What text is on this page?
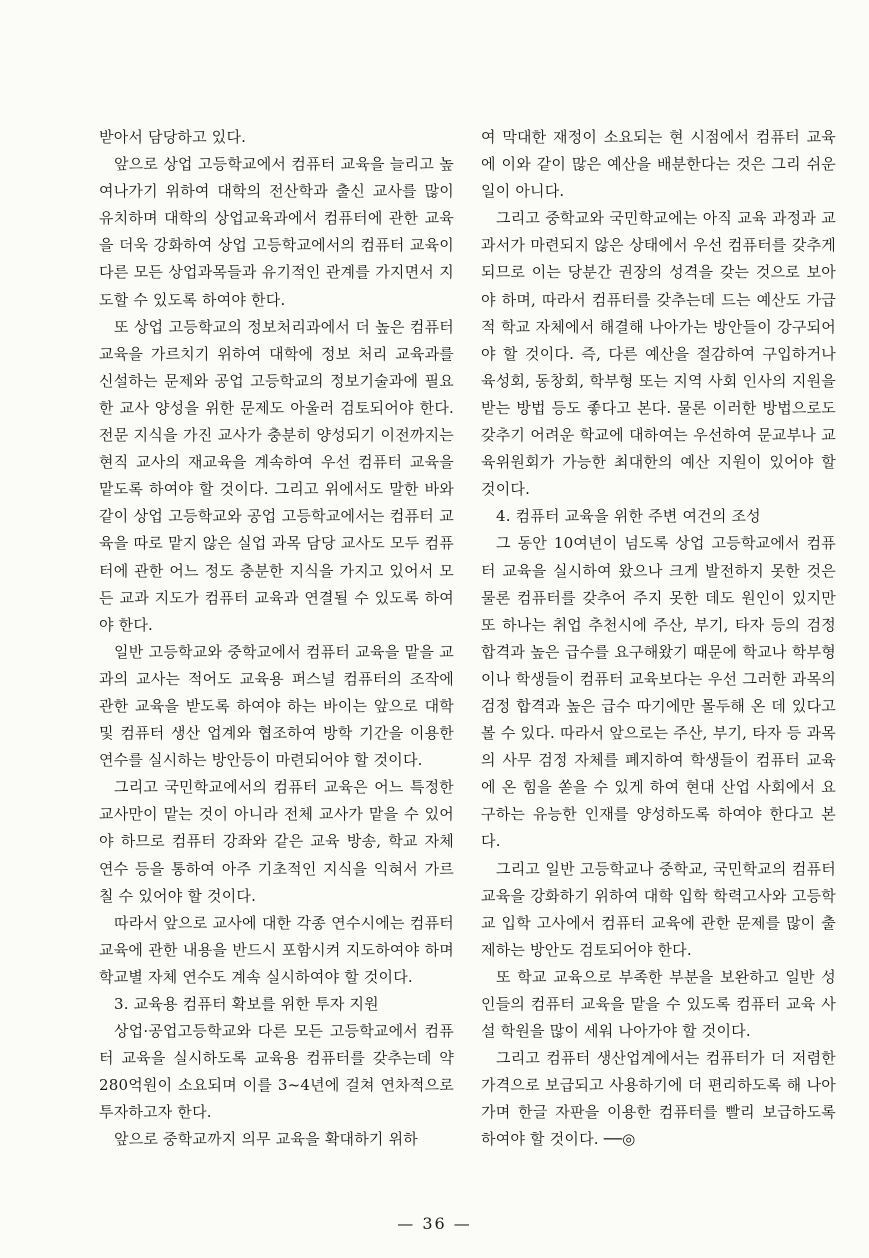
받아서 담당하고 있다.

앞으로 상업 고등학교에서 컴퓨터 교육을 늘리고 높여나가기 위하여 대학의 전산학과 출신 교사를 많이 유치하며 대학의 상업교육과에서 컴퓨터에 관한 교육을 더욱 강화하여 상업 고등학교에서의 컴퓨터 교육이 다른 모든 상업과목들과 유기적인 관계를 가지면서 지도할 수 있도록 하여야 한다.

또 상업 고등학교의 정보처리과에서 더 높은 컴퓨터 교육을 가르치기 위하여 대학에 정보 처리 교육과를 신설하는 문제와 공업 고등학교의 정보기술과에 필요한 교사 양성을 위한 문제도 아울러 검토되어야 한다. 전문 지식을 가진 교사가 충분히 양성되기 이전까지는 현직 교사의 재교육을 계속하여 우선 컴퓨터 교육을 맡도록 하여야 할 것이다. 그리고 위에서도 말한 바와 같이 상업 고등학교와 공업 고등학교에서는 컴퓨터 교육을 따로 맡지 않은 실업 과목 담당 교사도 모두 컴퓨터에 관한 어느 정도 충분한 지식을 가지고 있어서 모든 교과 지도가 컴퓨터 교육과 연결될 수 있도록 하여야 한다.

일반 고등학교와 중학교에서 컴퓨터 교육을 맡을 교과의 교사는 적어도 교육용 퍼스널 컴퓨터의 조작에 관한 교육을 받도록 하여야 하는 바이는 앞으로 대학 및 컴퓨터 생산 업계와 협조하여 방학 기간을 이용한 연수를 실시하는 방안등이 마련되어야 할 것이다.

그리고 국민학교에서의 컴퓨터 교육은 어느 특정한 교사만이 맡는 것이 아니라 전체 교사가 맡을 수 있어야 하므로 컴퓨터 강좌와 같은 교육 방송, 학교 자체 연수 등을 통하여 아주 기초적인 지식을 익혀서 가르칠 수 있어야 할 것이다.

따라서 앞으로 교사에 대한 각종 연수시에는 컴퓨터 교육에 관한 내용을 반드시 포함시켜 지도하여야 하며 학교별 자체 연수도 계속 실시하여야 할 것이다.

3. 교육용 컴퓨터 확보를 위한 투자 지원

상업·공업고등학교와 다른 모든 고등학교에서 컴퓨터 교육을 실시하도록 교육용 컴퓨터를 갖추는데 약 280억원이 소요되며 이를 3~4년에 걸쳐 연차적으로 투자하고자 한다.

앞으로 중학교까지 의무 교육을 확대하기 위하

여 막대한 재정이 소요되는 현 시점에서 컴퓨터 교육에 이와 같이 많은 예산을 배분한다는 것은 그리 쉬운 일이 아니다.

그리고 중학교와 국민학교에는 아직 교육 과정과 교과서가 마련되지 않은 상태에서 우선 컴퓨터를 갖추게 되므로 이는 당분간 권장의 성격을 갖는 것으로 보아야 하며, 따라서 컴퓨터를 갖추는데 드는 예산도 가급적 학교 자체에서 해결해 나아가는 방안들이 강구되어야 할 것이다. 즉, 다른 예산을 절감하여 구입하거나 육성회, 동창회, 학부형 또는 지역 사회 인사의 지원을 받는 방법 등도 좋다고 본다. 물론 이러한 방법으로도 갖추기 어려운 학교에 대하여는 우선하여 문교부나 교육위원회가 가능한 최대한의 예산 지원이 있어야 할 것이다.

4. 컴퓨터 교육을 위한 주변 여건의 조성

그 동안 10여년이 넘도록 상업 고등학교에서 컴퓨터 교육을 실시하여 왔으나 크게 발전하지 못한 것은 물론 컴퓨터를 갖추어 주지 못한 데도 원인이 있지만 또 하나는 취업 추천시에 주산, 부기, 타자 등의 검정 합격과 높은 급수를 요구해왔기 때문에 학교나 학부형이나 학생들이 컴퓨터 교육보다는 우선 그러한 과목의 검정 합격과 높은 급수 따기에만 몰두해 온 데 있다고 볼 수 있다. 따라서 앞으로는 주산, 부기, 타자 등 과목의 사무 검정 자체를 폐지하여 학생들이 컴퓨터 교육에 온 힘을 쏟을 수 있게 하여 현대 산업 사회에서 요구하는 유능한 인재를 양성하도록 하여야 한다고 본다.

그리고 일반 고등학교나 중학교, 국민학교의 컴퓨터 교육을 강화하기 위하여 대학 입학 학력고사와 고등학교 입학 고사에서 컴퓨터 교육에 관한 문제를 많이 출제하는 방안도 검토되어야 한다.

또 학교 교육으로 부족한 부분을 보완하고 일반 성인들의 컴퓨터 교육을 맡을 수 있도록 컴퓨터 교육 사설 학원을 많이 세워 나아가야 할 것이다.

그리고 컴퓨터 생산업계에서는 컴퓨터가 더 저렴한 가격으로 보급되고 사용하기에 더 편리하도록 해 나아가며 한글 자판을 이용한 컴퓨터를 빨리 보급하도록 하여야 할 것이다. ──◎

— 36 —
